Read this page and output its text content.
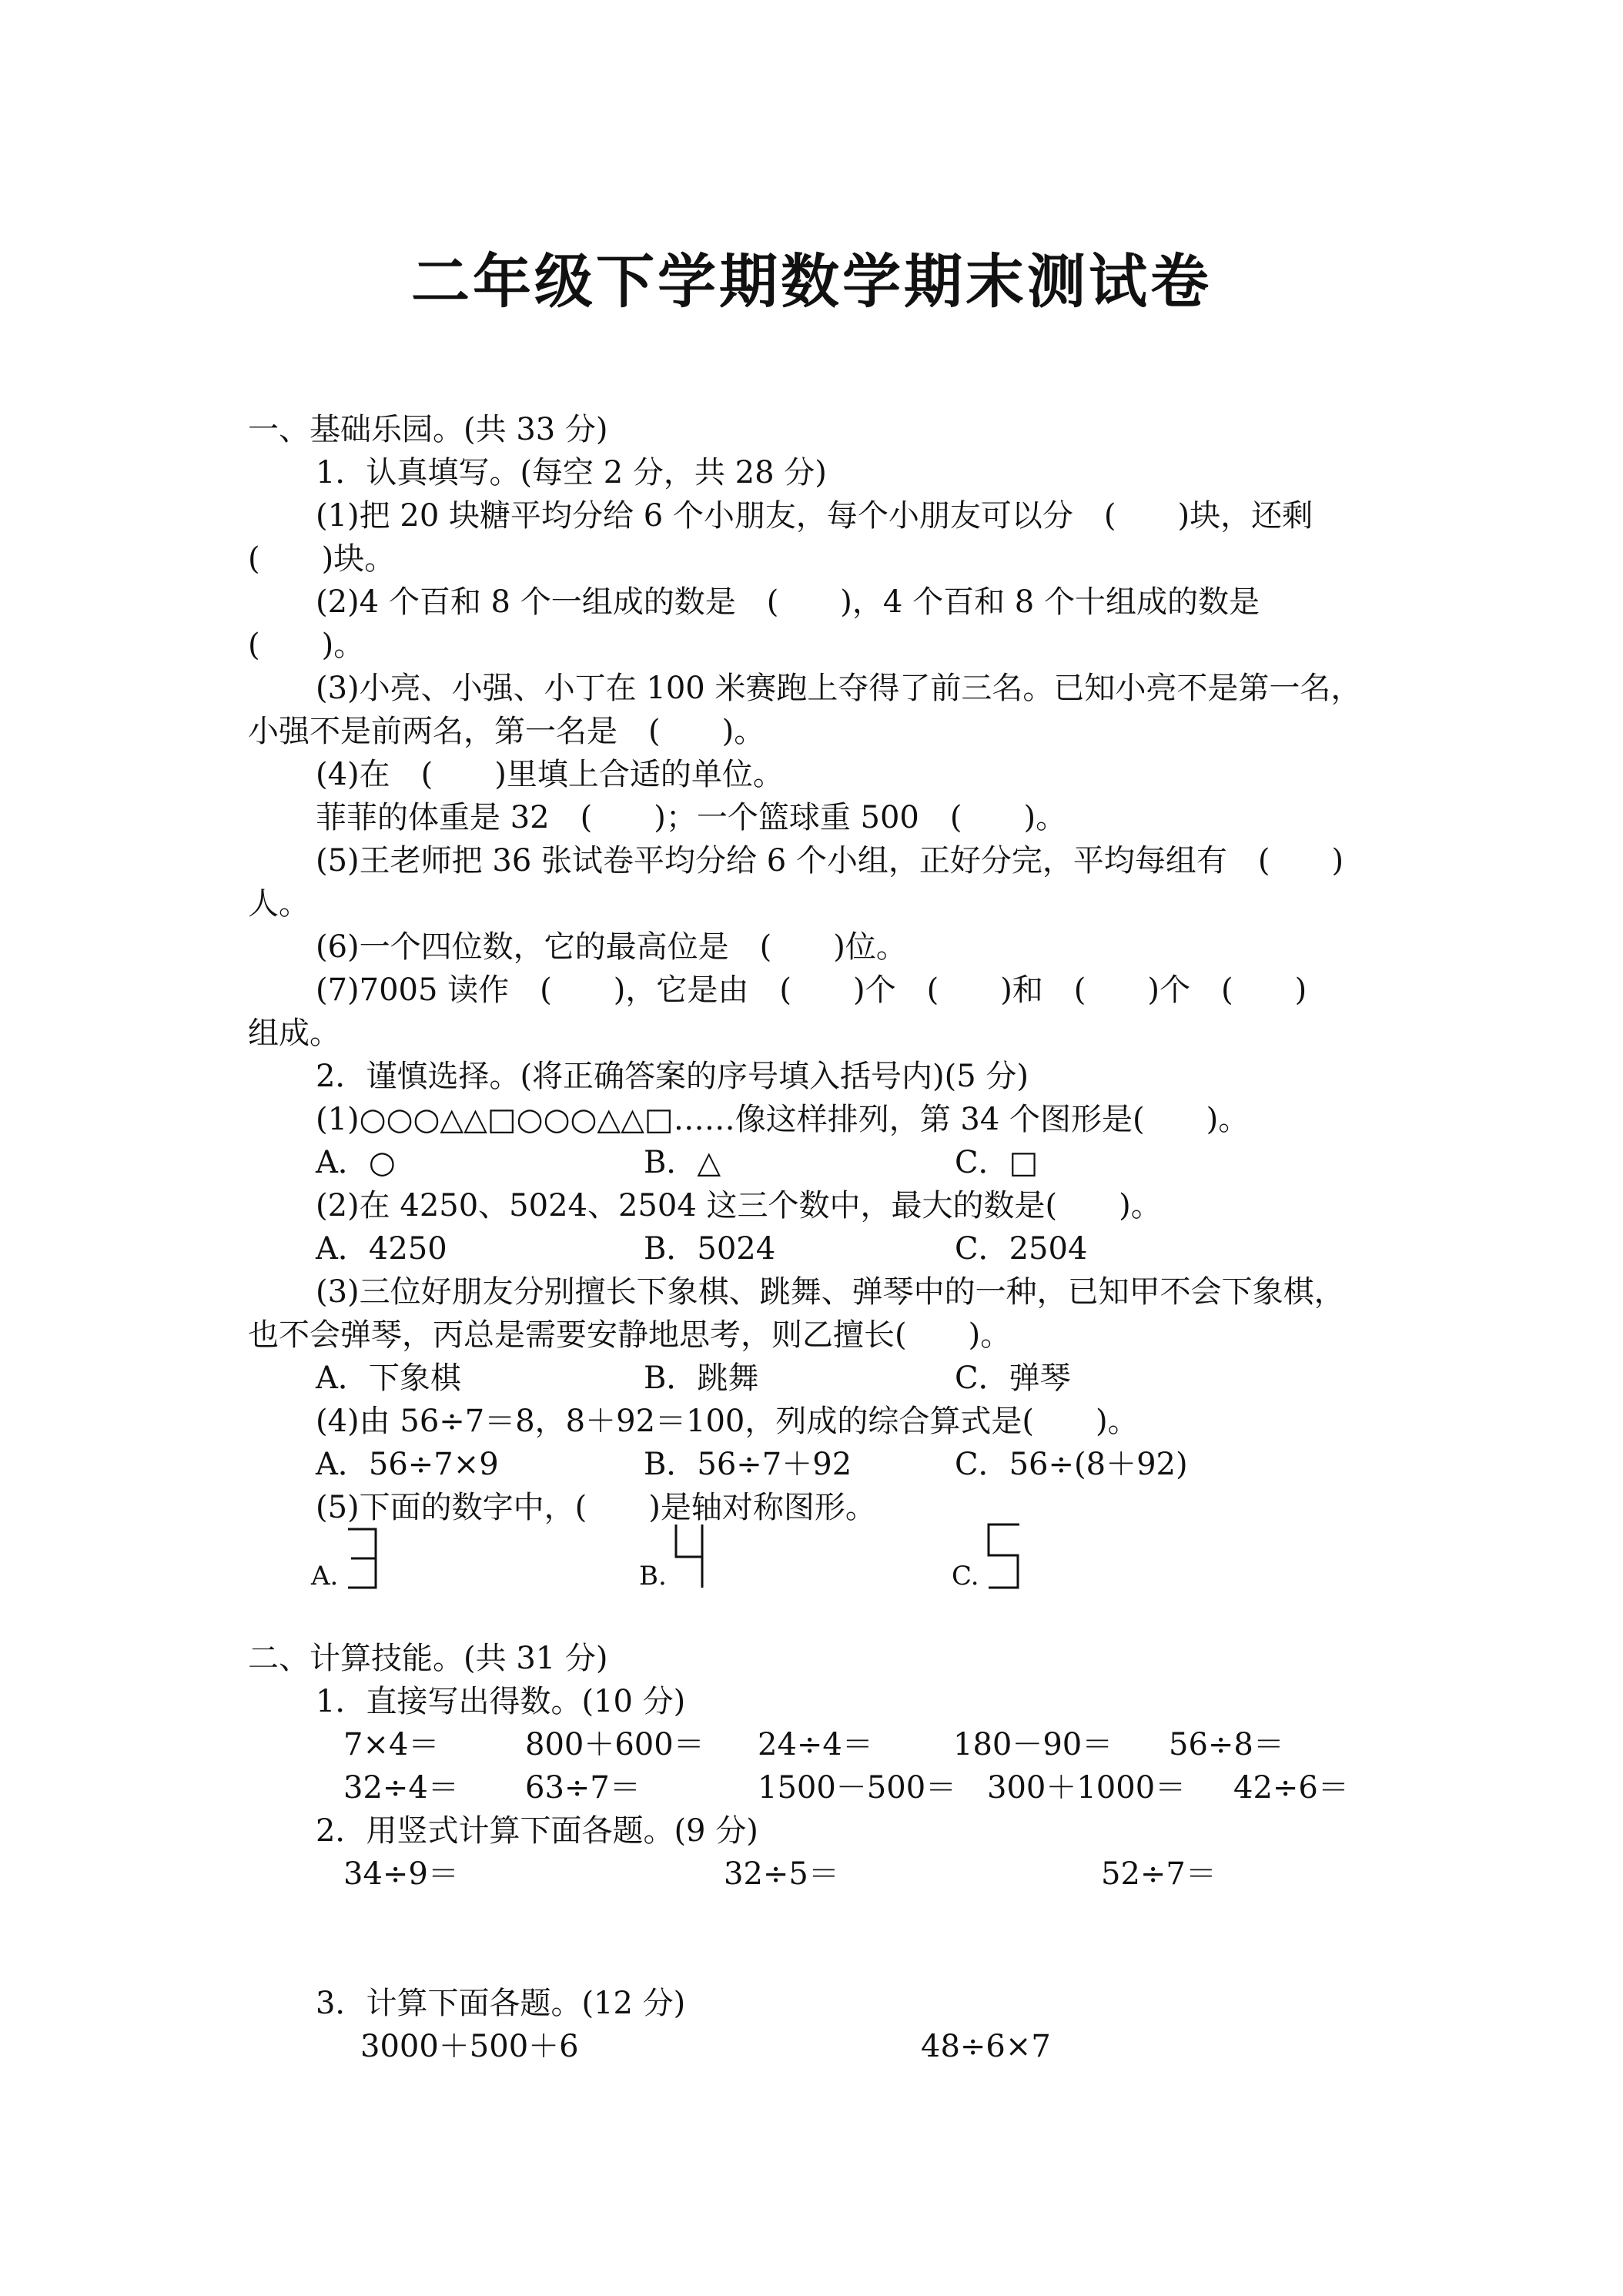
二年级下学期数学期末测试卷
一、基础乐园。(共 33 分)
1．认真填写。(每空 2 分，共 28 分)
(1)把 20 块糖平均分给 6 个小朋友，每个小朋友可以分　(　　)块，还剩
(　　)块。
(2)4 个百和 8 个一组成的数是　(　　)，4 个百和 8 个十组成的数是
(　　)。
(3)小亮、小强、小丁在 100 米赛跑上夺得了前三名。已知小亮不是第一名，
小强不是前两名，第一名是　(　　)。
(4)在　(　　)里填上合适的单位。
菲菲的体重是 32　(　　)；一个篮球重 500　(　　)。
(5)王老师把 36 张试卷平均分给 6 个小组，正好分完，平均每组有　(　　)
人。
(6)一个四位数，它的最高位是　(　　)位。
(7)7005 读作　(　　)，它是由　(　　)个　(　　)和　(　　)个　(　　)
组成。
2．谨慎选择。(将正确答案的序号填入括号内)(5 分)
(1)○○○△△□○○○△△□……像这样排列，第 34 个图形是(　　)。
A．○	B．△	C．□
(2)在 4250、5024、2504 这三个数中，最大的数是(　　)。
A．4250	B．5024	C．2504
(3)三位好朋友分别擅长下象棋、跳舞、弹琴中的一种，已知甲不会下象棋，
也不会弹琴，丙总是需要安静地思考，则乙擅长(　　)。
A．下象棋	B．跳舞	C．弹琴
(4)由 56÷7＝8，8＋92＝100，列成的综合算式是(　　)。
A．56÷7×9	B．56÷7＋92	C．56÷(8＋92)
(5)下面的数字中，(　　)是轴对称图形。
A.	B.	C.
二、计算技能。(共 31 分)
1．直接写出得数。(10 分)
7×4＝	800＋600＝ 24÷4＝	180－90＝ 56÷8＝
32÷4＝ 63÷7＝	1500－500＝ 300＋1000＝ 42÷6＝
2．用竖式计算下面各题。(9 分)
34÷9＝	32÷5＝	52÷7＝
3．计算下面各题。(12 分)
3000＋500＋6	48÷6×7
